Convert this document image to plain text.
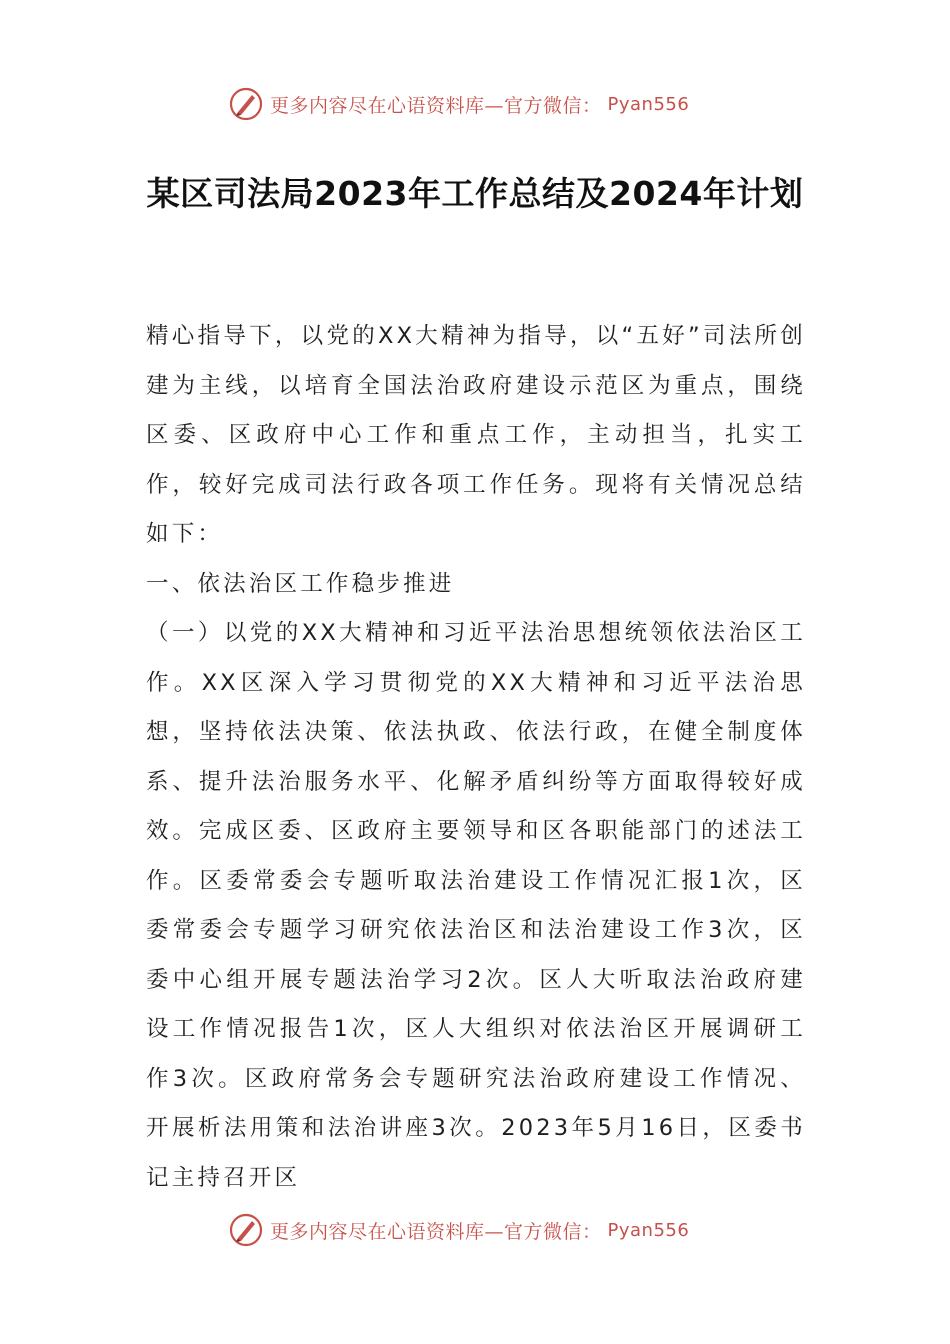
更多内容尽在心语资料库—官方微信： Pyan556
某区司法局2023年工作总结及2024年计划

精心指导下，以党的XX大精神为指导，以“五好”司法所创建为主线，以培育全国法治政府建设示范区为重点，围绕区委、区政府中心工作和重点工作，主动担当，扎实工作，较好完成司法行政各项工作任务。现将有关情况总结如下：

一、依法治区工作稳步推进

（一）以党的XX大精神和习近平法治思想统领依法治区工作。XX区深入学习贯彻党的XX大精神和习近平法治思想，坚持依法决策、依法执政、依法行政，在健全制度体系、提升法治服务水平、化解矛盾纠纷等方面取得较好成效。完成区委、区政府主要领导和区各职能部门的述法工作。区委常委会专题听取法治建设工作情况汇报1次，区委常委会专题学习研究依法治区和法治建设工作3次，区委中心组开展专题法治学习2次。区人大听取法治政府建设工作情况报告1次，区人大组织对依法治区开展调研工作3次。区政府常务会专题研究法治政府建设工作情况、开展析法用策和法治讲座3次。2023年5月16日，区委书记主持召开区

更多内容尽在心语资料库—官方微信： Pyan556
